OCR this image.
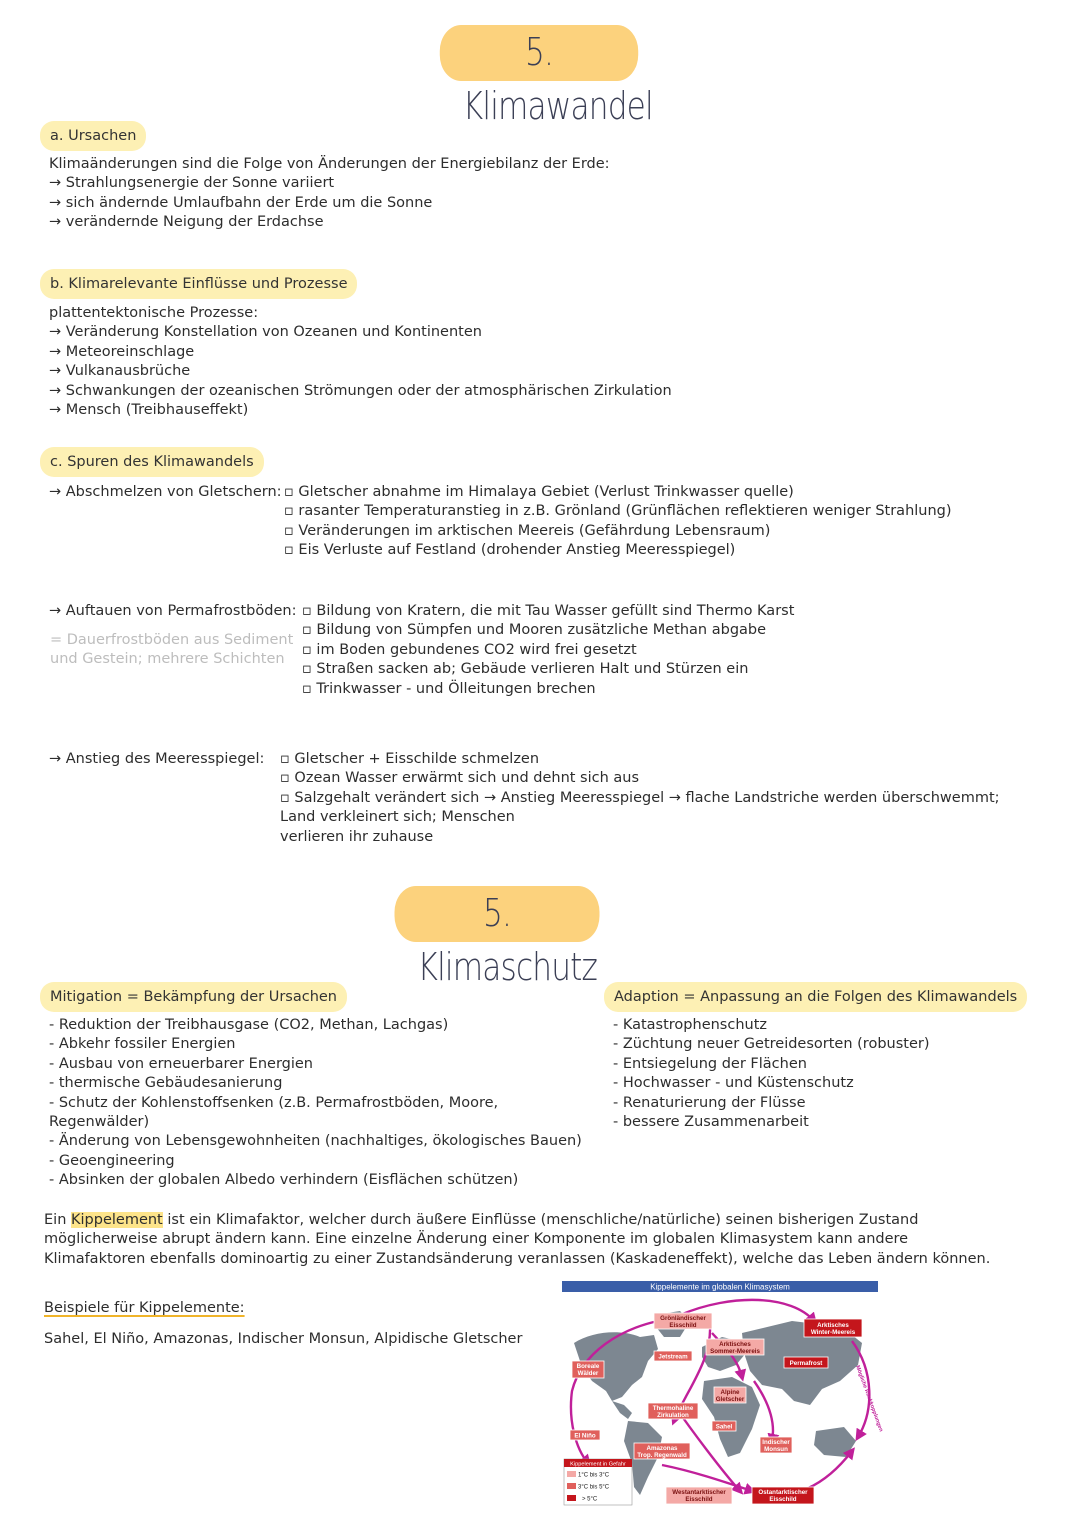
5. Klimawandel
a. Ursachen
Klimaänderungen sind die Folge von Änderungen der Energiebilanz der Erde:
→ Strahlungsenergie der Sonne variiert
→ sich ändernde Umlaufbahn der Erde um die Sonne
→ verändernde Neigung der Erdachse
b. Klimarelevante Einflüsse und Prozesse
plattentektonische Prozesse:
→ Veränderung Konstellation von Ozeanen und Kontinenten
→ Meteoreinschlage
→ Vulkanausbrüche
→ Schwankungen der ozeanischen Strömungen oder der atmosphärischen Zirkulation
→ Mensch (Treibhauseffekt)
c. Spuren des Klimawandels
→ Abschmelzen von Gletschern: ▫ Gletscher abnahme im Himalaya Gebiet (Verlust Trinkwasser quelle)
▫ rasanter Temperaturanstieg in z.B. Grönland (Grünflächen reflektieren weniger Strahlung)
▫ Veränderungen im arktischen Meereis (Gefährdung Lebensraum)
▫ Eis Verluste auf Festland (drohender Anstieg Meeresspiegel)
→ Auftauen von Permafrostböden:
= Dauerfrostböden aus Sediment
und Gestein; mehrere Schichten
▫ Bildung von Kratern, die mit Tau Wasser gefüllt sind Thermo Karst
▫ Bildung von Sümpfen und Mooren zusätzliche Methan abgabe
▫ im Boden gebundenes CO2 wird frei gesetzt
▫ Straßen sacken ab; Gebäude verlieren Halt und Stürzen ein
▫ Trinkwasser - und Ölleitungen brechen
→ Anstieg des Meeresspiegel: ▫ Gletscher + Eisschilde schmelzen
▫ Ozean Wasser erwärmt sich und dehnt sich aus
▫ Salzgehalt verändert sich → Anstieg Meeresspiegel → flache Landstriche werden überschwemmt;
Land verkleinert sich; Menschen
verlieren ihr zuhause
5. Klimaschutz
Mitigation = Bekämpfung der Ursachen
- Reduktion der Treibhausgase (CO2, Methan, Lachgas)
- Abkehr fossiler Energien
- Ausbau von erneuerbarer Energien
- thermische Gebäudesanierung
- Schutz der Kohlenstoffsenken (z.B. Permafrostböden, Moore,
Regenwälder)
- Änderung von Lebensgewohnheiten (nachhaltiges, ökologisches Bauen)
- Geoengineering
- Absinken der globalen Albedo verhindern (Eisflächen schützen)
Adaption = Anpassung an die Folgen des Klimawandels
- Katastrophenschutz
- Züchtung neuer Getreidesorten (robuster)
- Entsiegelung der Flächen
- Hochwasser - und Küstenschutz
- Renaturierung der Flüsse
- bessere Zusammenarbeit
Ein Kippelement ist ein Klimafaktor, welcher durch äußere Einflüsse (menschliche/natürliche) seinen bisherigen Zustand
möglicherweise abrupt ändern kann. Eine einzelne Änderung einer Komponente im globalen Klimasystem kann andere
Klimafaktoren ebenfalls dominoartig zu einer Zustandsänderung veranlassen (Kaskadeneffekt), welche das Leben ändern können.
Beispiele für Kippelemente:
Sahel, El Niño, Amazonas, Indischer Monsun, Alpidische Gletscher
Kippelemente im globalen Klimasystem
Grönländischer
Eisschild	Arktisches
Winter-Meereis
Arktisches
Sommer-Meereis
Jetstream
Permafrost
Boreale
Wälder
Alpine
Gletscher
Thermohaline
Zirkulation
Sahel
El Niño
Indischer
Monsun
Amazonas
Trop. Regenwald
Westantarktischer
Eisschild
Ostantarktischer
Eisschild
Mögliche Rückkopplungen
Kippelement in Gefahr
1°C bis 3°C
3°C bis 5°C
> 5°C
